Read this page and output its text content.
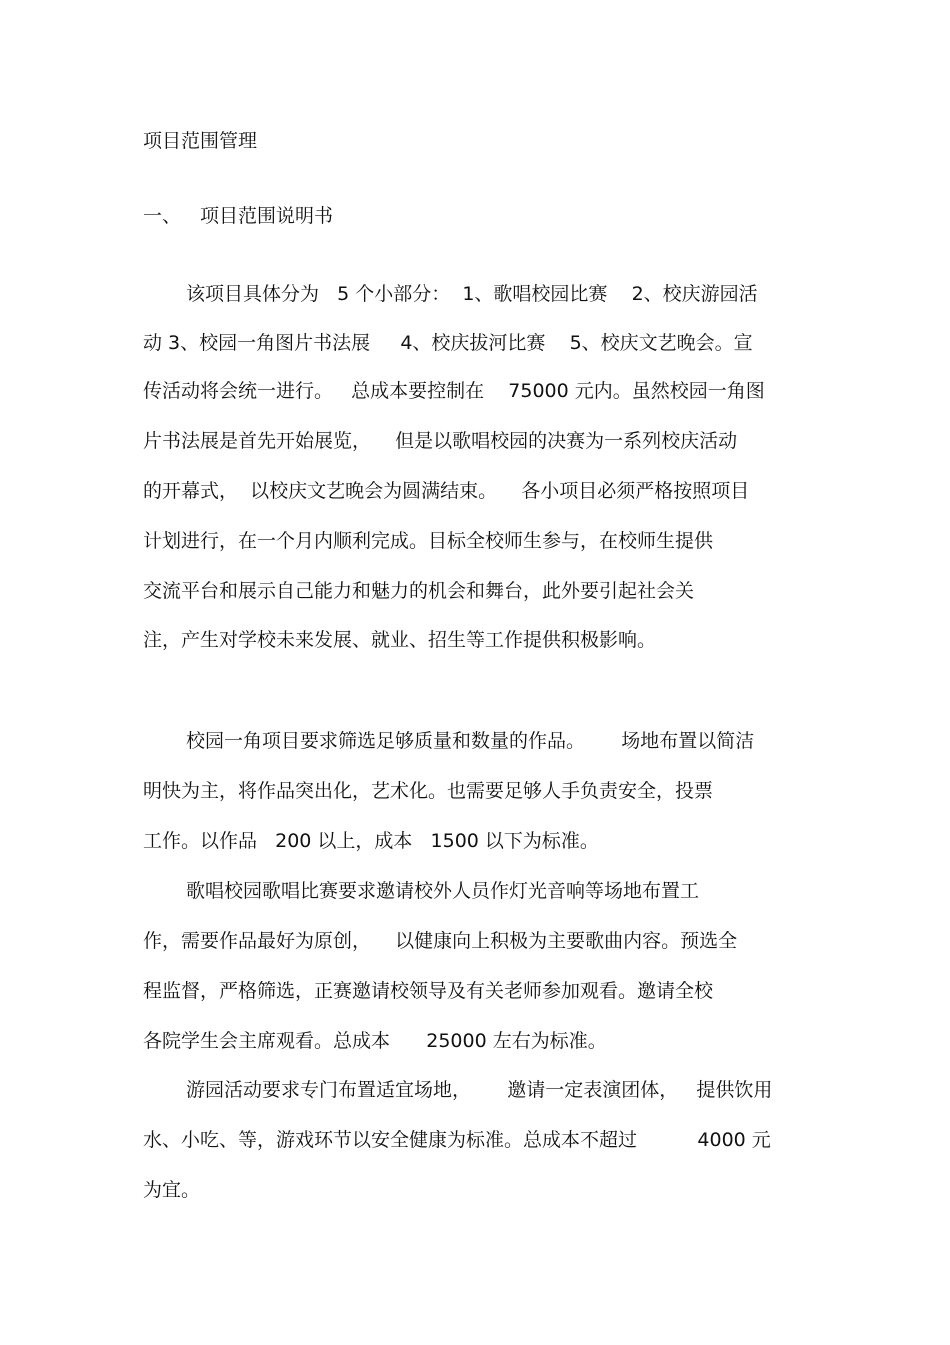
项目范围管理
一、 项目范围说明书
该项目具体分为   5 个小部分：  1、歌唱校园比赛    2、校庆游园活
动 3、校园一角图片书法展     4、校庆拔河比赛    5、校庆文艺晚会。宣
传活动将会统一进行。   总成本要控制在    75000 元内。虽然校园一角图
片书法展是首先开始展览，    但是以歌唱校园的决赛为一系列校庆活动
的开幕式，  以校庆文艺晚会为圆满结束。    各小项目必须严格按照项目
计划进行，在一个月内顺利完成。目标全校师生参与，在校师生提供
交流平台和展示自己能力和魅力的机会和舞台，此外要引起社会关
注，产生对学校未来发展、就业、招生等工作提供积极影响。
校园一角项目要求筛选足够质量和数量的作品。      场地布置以简洁
明快为主，将作品突出化，艺术化。也需要足够人手负责安全，投票
工作。以作品   200 以上，成本   1500 以下为标准。
歌唱校园歌唱比赛要求邀请校外人员作灯光音响等场地布置工
作，需要作品最好为原创，    以健康向上积极为主要歌曲内容。预选全
程监督，严格筛选，正赛邀请校领导及有关老师参加观看。邀请全校
各院学生会主席观看。总成本      25000 左右为标准。
游园活动要求专门布置适宜场地，      邀请一定表演团体，   提供饮用
水、小吃、等，游戏环节以安全健康为标准。总成本不超过          4000 元
为宜。
